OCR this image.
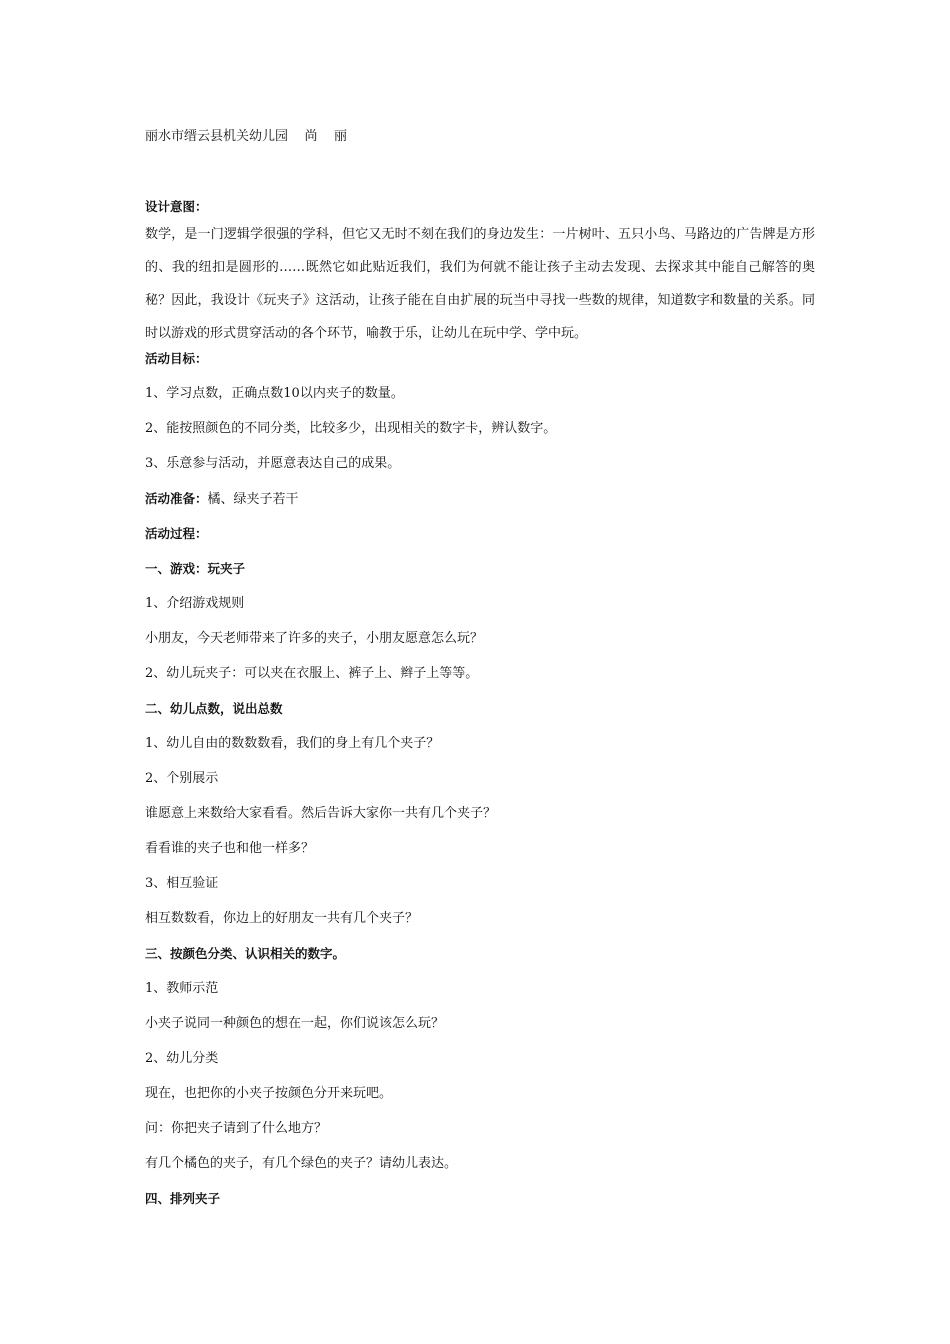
丽水市缙云县机关幼儿园    尚    丽

设计意图：

数学，是一门逻辑学很强的学科，但它又无时不刻在我们的身边发生：一片树叶、五只小鸟、马路边的广告牌是方形的、我的纽扣是圆形的……既然它如此贴近我们，我们为何就不能让孩子主动去发现、去探求其中能自己解答的奥秘？因此，我设计《玩夹子》这活动，让孩子能在自由扩展的玩当中寻找一些数的规律，知道数字和数量的关系。同时以游戏的形式贯穿活动的各个环节，喻教于乐，让幼儿在玩中学、学中玩。

活动目标：

1、学习点数，正确点数10以内夹子的数量。

2、能按照颜色的不同分类，比较多少，出现相关的数字卡，辨认数字。

3、乐意参与活动，并愿意表达自己的成果。

活动准备：橘、绿夹子若干

活动过程：

一、游戏：玩夹子

1、介绍游戏规则

小朋友，今天老师带来了许多的夹子，小朋友愿意怎么玩？

2、幼儿玩夹子：可以夹在衣服上、裤子上、辫子上等等。

二、幼儿点数，说出总数

1、幼儿自由的数数数看，我们的身上有几个夹子？

2、个别展示

谁愿意上来数给大家看看。然后告诉大家你一共有几个夹子？

看看谁的夹子也和他一样多？

3、相互验证

相互数数看，你边上的好朋友一共有几个夹子？

三、按颜色分类、认识相关的数字。

1、教师示范

小夹子说同一种颜色的想在一起，你们说该怎么玩？

2、幼儿分类

现在，也把你的小夹子按颜色分开来玩吧。

问：你把夹子请到了什么地方？

有几个橘色的夹子，有几个绿色的夹子？请幼儿表达。

四、排列夹子
